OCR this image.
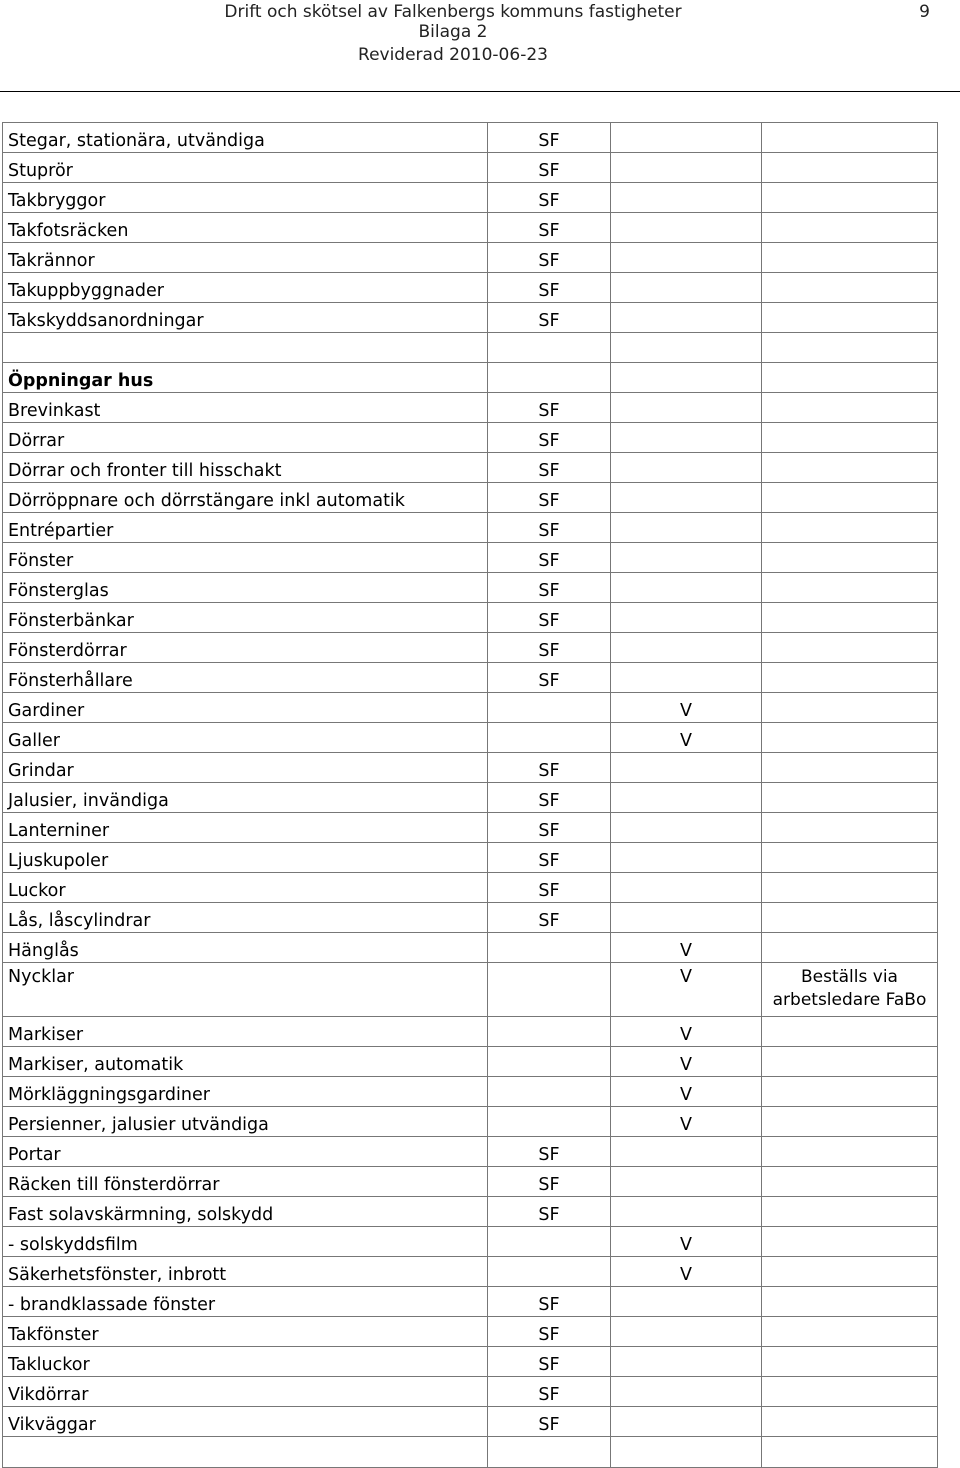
Drift och skötsel av Falkenbergs kommuns fastigheter
Bilaga 2
Reviderad 2010-06-23
9
Stegar, stationära, utvändiga	SF		
Stuprör	SF		
Takbryggor	SF		
Takfotsräcken	SF		
Takrännor	SF		
Takuppbyggnader	SF		
Takskyddsanordningar	SF		

Öppningar hus			
Brevinkast	SF		
Dörrar	SF		
Dörrar och fronter till hisschakt	SF		
Dörröppnare och dörrstängare inkl automatik	SF		
Entrépartier	SF		
Fönster	SF		
Fönsterglas	SF		
Fönsterbänkar	SF		
Fönsterdörrar	SF		
Fönsterhållare	SF		
Gardiner		V	
Galler		V	
Grindar	SF		
Jalusier, invändiga	SF		
Lanterniner	SF		
Ljuskupoler	SF		
Luckor	SF		
Lås, låscylindrar	SF		
Hänglås		V	
Nycklar		V	Beställs via arbetsledare FaBo
Markiser		V	
Markiser, automatik		V	
Mörkläggningsgardiner		V	
Persienner, jalusier utvändiga		V	
Portar	SF		
Räcken till fönsterdörrar	SF		
Fast solavskärmning, solskydd	SF		
- solskyddsfilm		V	
Säkerhetsfönster, inbrott		V	
- brandklassade fönster	SF		
Takfönster	SF		
Takluckor	SF		
Vikdörrar	SF		
Vikväggar	SF		
